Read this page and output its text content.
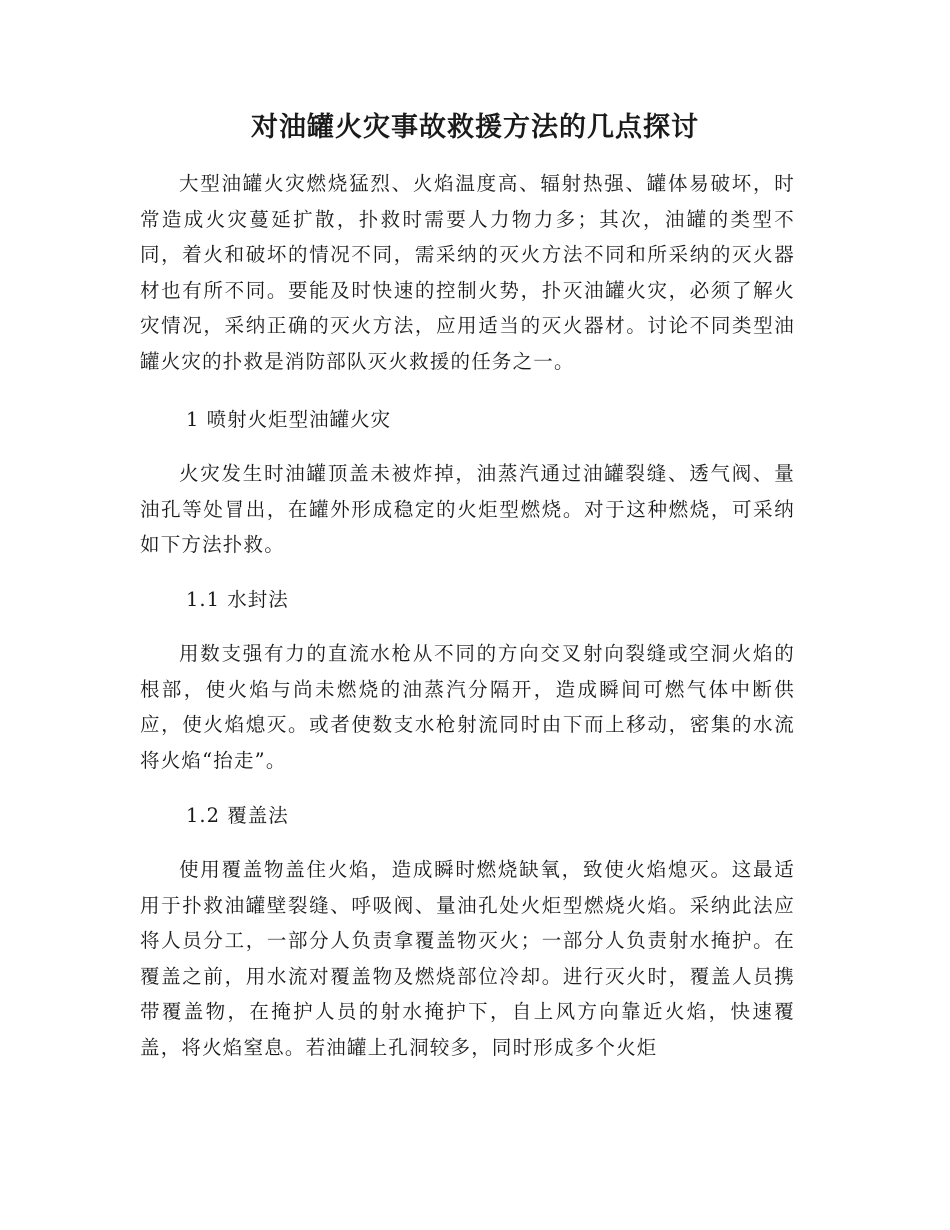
对油罐火灾事故救援方法的几点探讨

大型油罐火灾燃烧猛烈、火焰温度高、辐射热强、罐体易破坏，时常造成火灾蔓延扩散，扑救时需要人力物力多；其次，油罐的类型不同，着火和破坏的情况不同，需采纳的灭火方法不同和所采纳的灭火器材也有所不同。要能及时快速的控制火势，扑灭油罐火灾，必须了解火灾情况，采纳正确的灭火方法，应用适当的灭火器材。讨论不同类型油罐火灾的扑救是消防部队灭火救援的任务之一。

1 喷射火炬型油罐火灾

火灾发生时油罐顶盖未被炸掉，油蒸汽通过油罐裂缝、透气阀、量油孔等处冒出，在罐外形成稳定的火炬型燃烧。对于这种燃烧，可采纳如下方法扑救。

1.1 水封法

用数支强有力的直流水枪从不同的方向交叉射向裂缝或空洞火焰的根部，使火焰与尚未燃烧的油蒸汽分隔开，造成瞬间可燃气体中断供应，使火焰熄灭。或者使数支水枪射流同时由下而上移动，密集的水流将火焰“抬走”。

1.2 覆盖法

使用覆盖物盖住火焰，造成瞬时燃烧缺氧，致使火焰熄灭。这最适用于扑救油罐壁裂缝、呼吸阀、量油孔处火炬型燃烧火焰。采纳此法应将人员分工，一部分人负责拿覆盖物灭火；一部分人负责射水掩护。在覆盖之前，用水流对覆盖物及燃烧部位冷却。进行灭火时，覆盖人员携带覆盖物，在掩护人员的射水掩护下，自上风方向靠近火焰，快速覆盖，将火焰窒息。若油罐上孔洞较多，同时形成多个火炬
